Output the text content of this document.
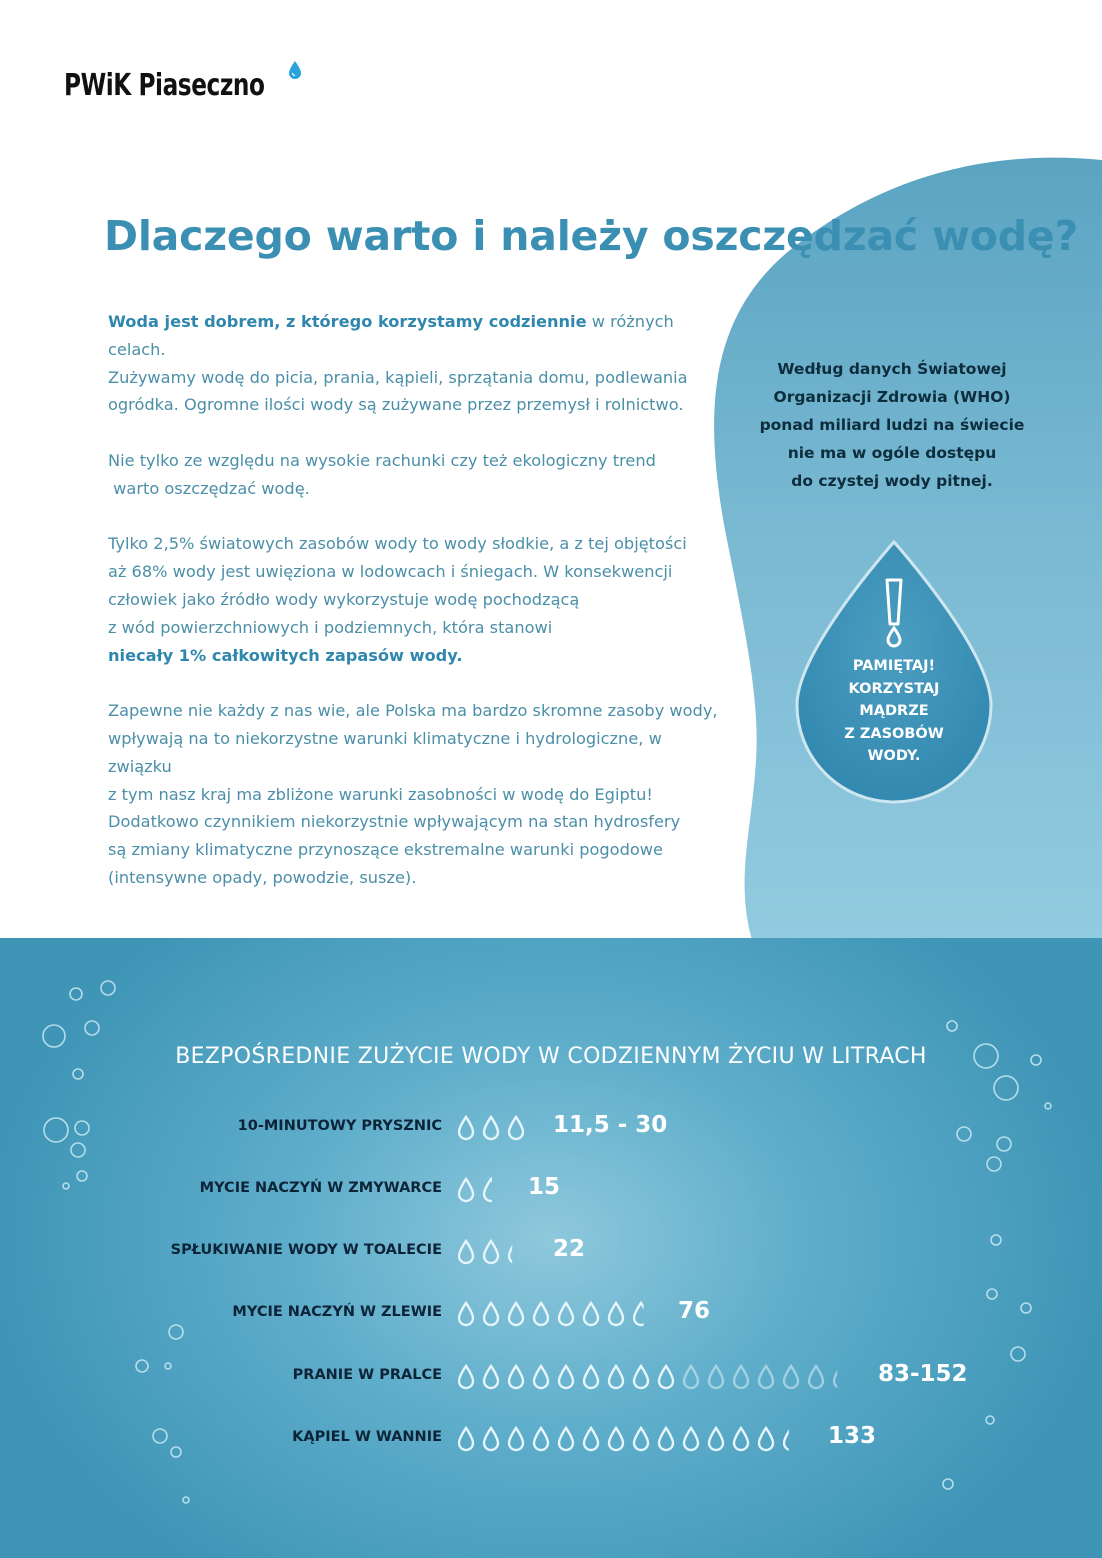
PWiK Piaseczno
Dlaczego warto i należy oszczędzać wodę?

Woda jest dobrem, z którego korzystamy codziennie w różnych celach.
Zużywamy wodę do picia, prania, kąpieli, sprzątania domu, podlewania
ogródka. Ogromne ilości wody są zużywane przez przemysł i rolnictwo.

Nie tylko ze względu na wysokie rachunki czy też ekologiczny trend
warto oszczędzać wodę.

Tylko 2,5% światowych zasobów wody to wody słodkie, a z tej objętości
aż 68% wody jest uwięziona w lodowcach i śniegach. W konsekwencji
człowiek jako źródło wody wykorzystuje wodę pochodzącą
z wód powierzchniowych i podziemnych, która stanowi
niecały 1% całkowitych zapasów wody.

Zapewne nie każdy z nas wie, ale Polska ma bardzo skromne zasoby wody,
wpływają na to niekorzystne warunki klimatyczne i hydrologiczne, w związku
z tym nasz kraj ma zbliżone warunki zasobności w wodę do Egiptu!
Dodatkowo czynnikiem niekorzystnie wpływającym na stan hydrosfery
są zmiany klimatyczne przynoszące ekstremalne warunki pogodowe
(intensywne opady, powodzie, susze).

Według danych Światowej
Organizacji Zdrowia (WHO)
ponad miliard ludzi na świecie
nie ma w ogóle dostępu
do czystej wody pitnej.
PAMIĘTAJ!
KORZYSTAJ
MĄDRZE
Z ZASOBÓW
WODY.
BEZPOŚREDNIE ZUŻYCIE WODY W CODZIENNYM ŻYCIU W LITRACH
10-MINUTOWY PRYSZNIC	11,5 - 30
MYCIE NACZYŃ W ZMYWARCE	15
SPŁUKIWANIE WODY W TOALECIE	22
MYCIE NACZYŃ W ZLEWIE	76
PRANIE W PRALCE	83-152
KĄPIEL W WANNIE	133
